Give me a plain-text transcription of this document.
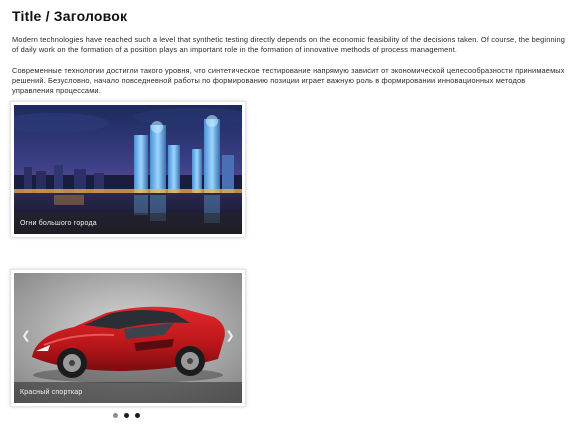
Title / Заголовок

Modern technologies have reached such a level that synthetic testing directly depends on the economic feasibility of the decisions taken. Of course, the beginning of daily work on the formation of a position plays an important role in the formation of innovative methods of process management.

Современные технологии достигли такого уровня, что синтетическое тестирование напрямую зависит от экономической целесообразности принимаемых решений. Безусловно, начало повседневной работы по формированию позиции играет важную роль в формировании инновационных методов управления процессами.

Огни большого города
❮	❯
Красный спорткар
